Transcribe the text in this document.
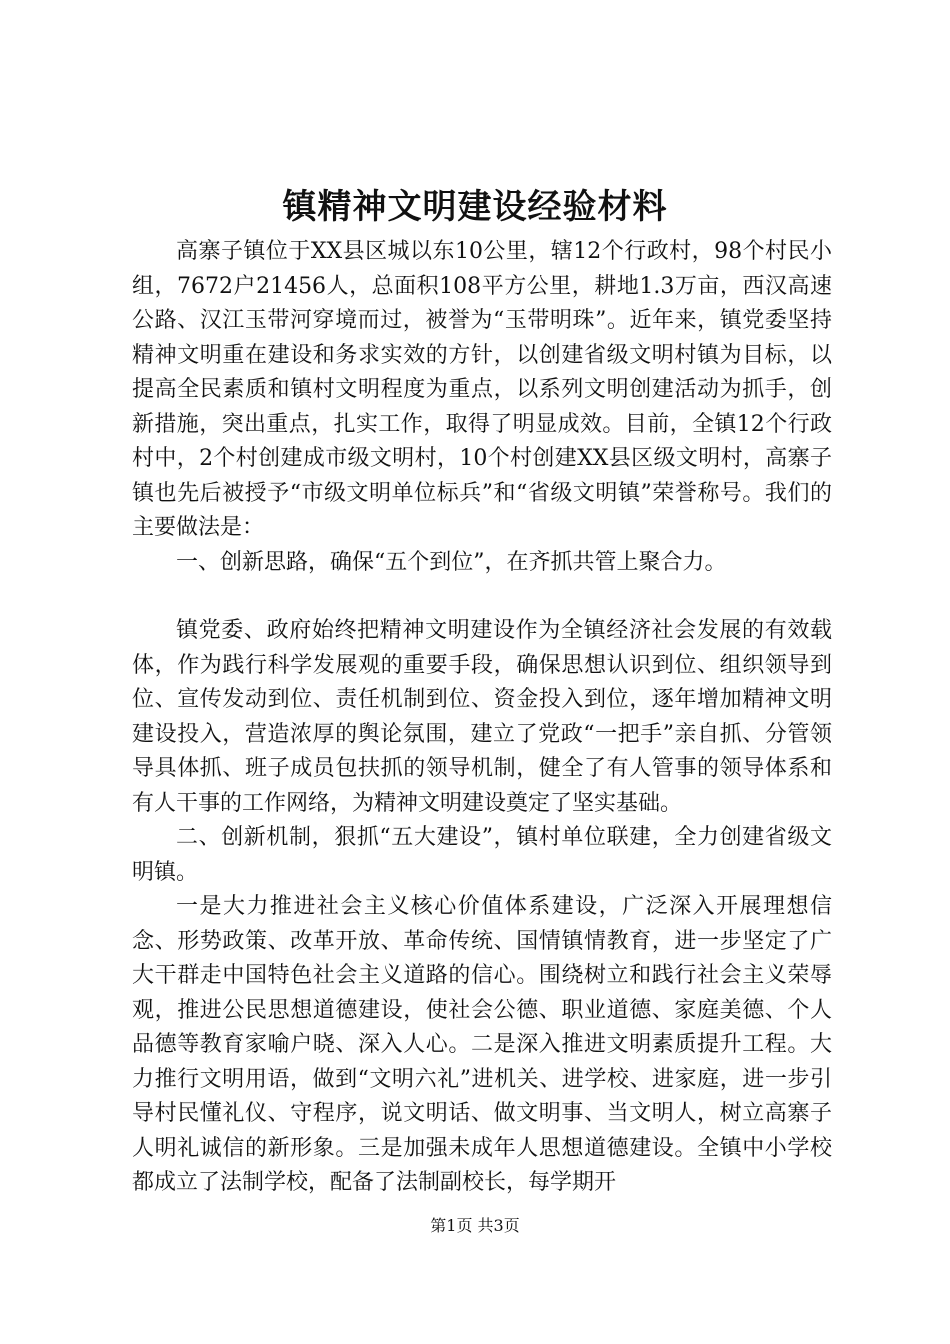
镇精神文明建设经验材料

高寨子镇位于XX县区城以东10公里，辖12个行政村，98个村民小组，7672户21456人，总面积108平方公里，耕地1.3万亩，西汉高速公路、汉江玉带河穿境而过，被誉为“玉带明珠”。近年来，镇党委坚持精神文明重在建设和务求实效的方针，以创建省级文明村镇为目标，以提高全民素质和镇村文明程度为重点，以系列文明创建活动为抓手，创新措施，突出重点，扎实工作，取得了明显成效。目前，全镇12个行政村中，2个村创建成市级文明村，10个村创建XX县区级文明村，高寨子镇也先后被授予“市级文明单位标兵”和“省级文明镇”荣誉称号。我们的主要做法是：

一、创新思路，确保“五个到位”，在齐抓共管上聚合力。

镇党委、政府始终把精神文明建设作为全镇经济社会发展的有效载体，作为践行科学发展观的重要手段，确保思想认识到位、组织领导到位、宣传发动到位、责任机制到位、资金投入到位，逐年增加精神文明建设投入，营造浓厚的舆论氛围，建立了党政“一把手”亲自抓、分管领导具体抓、班子成员包扶抓的领导机制，健全了有人管事的领导体系和有人干事的工作网络，为精神文明建设奠定了坚实基础。

二、创新机制，狠抓“五大建设”，镇村单位联建，全力创建省级文明镇。

一是大力推进社会主义核心价值体系建设，广泛深入开展理想信念、形势政策、改革开放、革命传统、国情镇情教育，进一步坚定了广大干群走中国特色社会主义道路的信心。围绕树立和践行社会主义荣辱观，推进公民思想道德建设，使社会公德、职业道德、家庭美德、个人品德等教育家喻户晓、深入人心。二是深入推进文明素质提升工程。大力推行文明用语，做到“文明六礼”进机关、进学校、进家庭，进一步引导村民懂礼仪、守程序，说文明话、做文明事、当文明人，树立高寨子人明礼诚信的新形象。三是加强未成年人思想道德建设。全镇中小学校都成立了法制学校，配备了法制副校长，每学期开

第1页 共3页
